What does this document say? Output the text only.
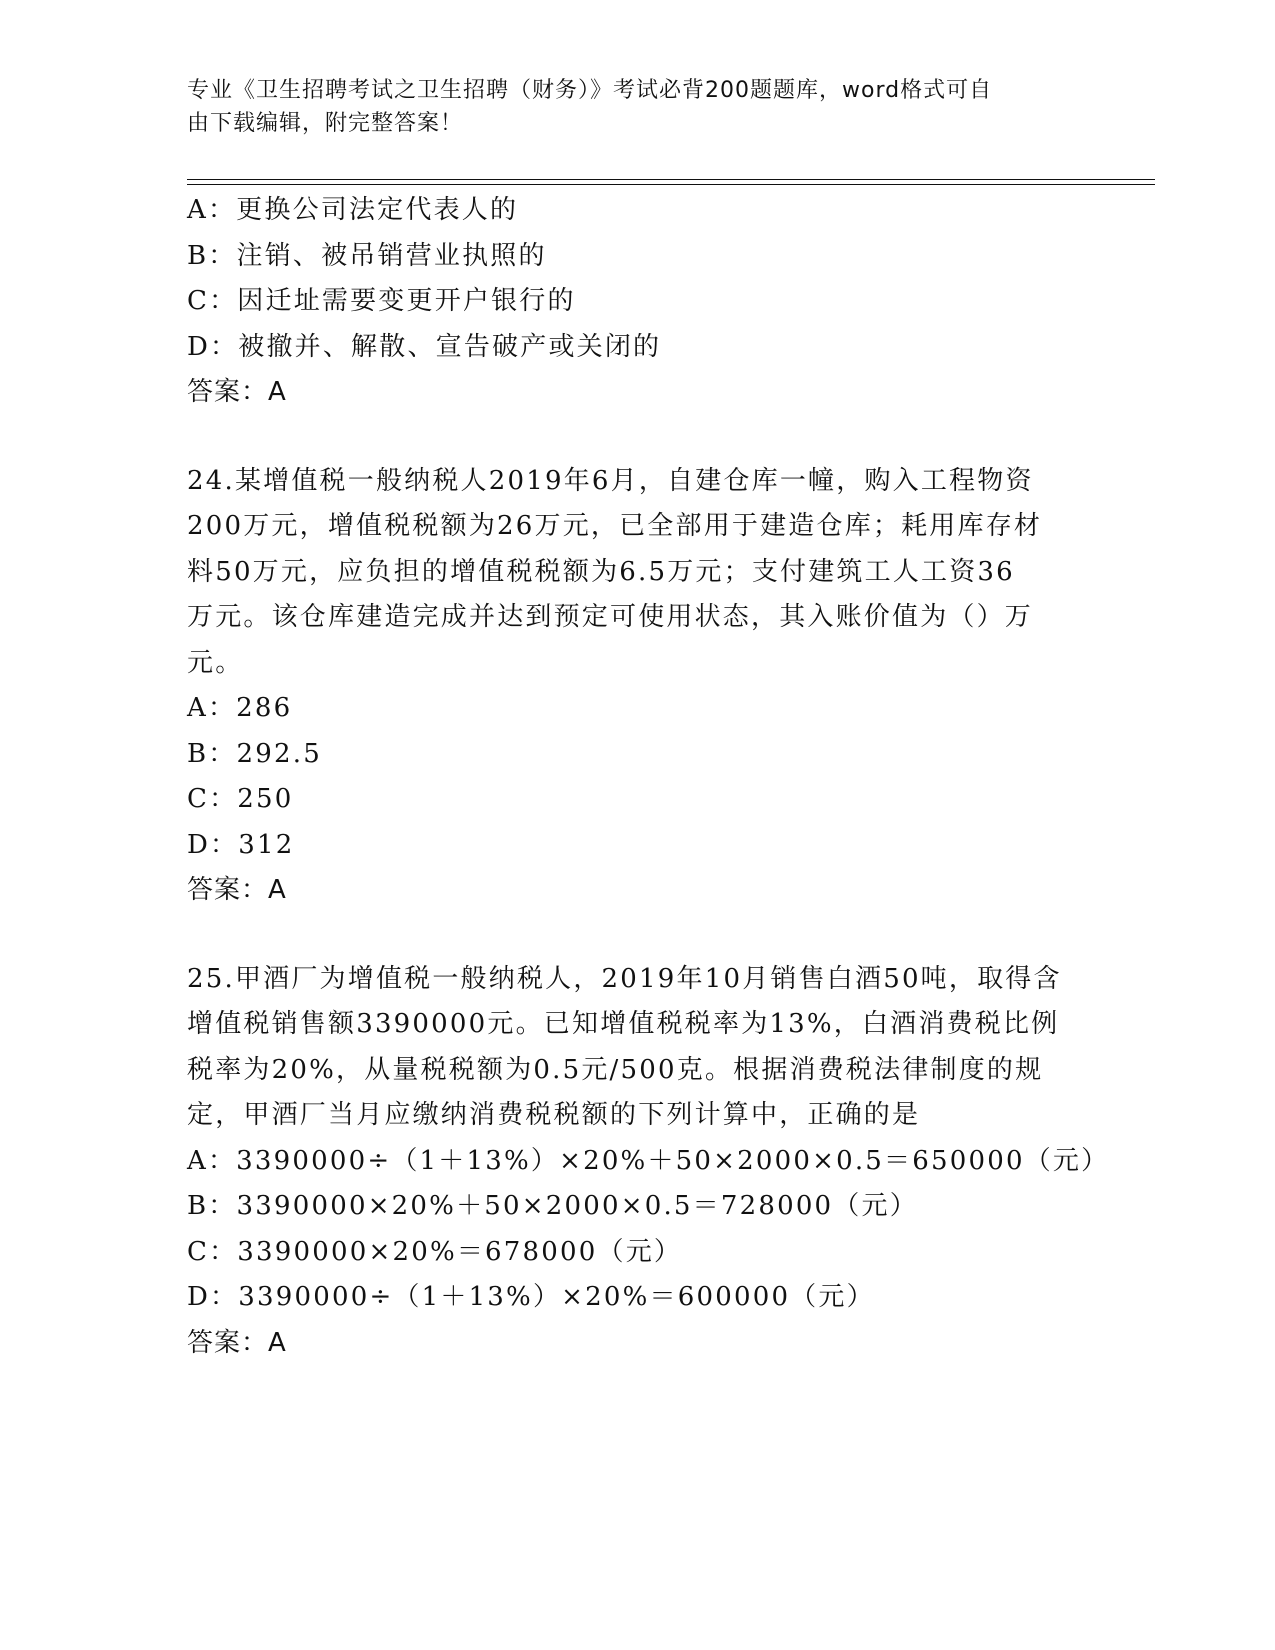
专业《卫生招聘考试之卫生招聘（财务）》考试必背200题题库，word格式可自
由下载编辑，附完整答案！
A：更换公司法定代表人的
B：注销、被吊销营业执照的
C：因迁址需要变更开户银行的
D：被撤并、解散、宣告破产或关闭的
答案：A
24.某增值税一般纳税人2019年6月，自建仓库一幢，购入工程物资
200万元，增值税税额为26万元，已全部用于建造仓库；耗用库存材
料50万元，应负担的增值税税额为6.5万元；支付建筑工人工资36
万元。该仓库建造完成并达到预定可使用状态，其入账价值为（）万
元。
A：286
B：292.5
C：250
D：312
答案：A
25.甲酒厂为增值税一般纳税人，2019年10月销售白酒50吨，取得含
增值税销售额3390000元。已知增值税税率为13%，白酒消费税比例
税率为20%，从量税税额为0.5元/500克。根据消费税法律制度的规
定，甲酒厂当月应缴纳消费税税额的下列计算中，正确的是
A：3390000÷（1＋13%）×20%＋50×2000×0.5＝650000（元）
B：3390000×20%＋50×2000×0.5＝728000（元）
C：3390000×20%＝678000（元）
D：3390000÷（1＋13%）×20%＝600000（元）
答案：A
